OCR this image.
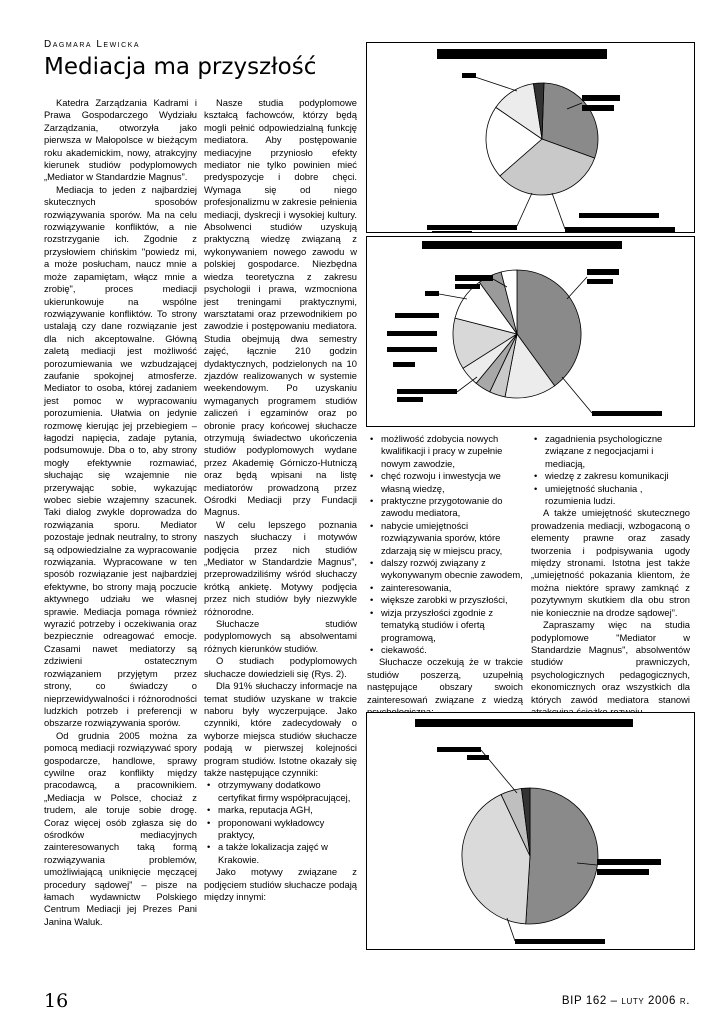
Dagmara Lewicka
Mediacja ma przyszłość

Katedra Zarządzania Kadrami i Prawa Gospodarczego Wydziału Zarządzania, otworzyła jako pierwsza w Małopolsce w bieżącym roku akademickim, nowy, atrakcyjny kierunek studiów podyplomowych „Mediator w Standardzie Magnus”.

Mediacja to jeden z najbardziej skutecznych sposobów rozwiązywania sporów. Ma na celu rozwiązywanie konfliktów, a nie rozstrzyganie ich. Zgodnie z przysłowiem chińskim "powiedz mi, a może posłucham, naucz mnie a może zapamiętam, włącz mnie a zrobię", proces mediacji ukierunkowuje na wspólne rozwiązywanie konfliktów. To strony ustalają czy dane rozwiązanie jest dla nich akceptowalne. Główną zaletą mediacji jest możliwość porozumiewania we wzbudzającej zaufanie spokojnej atmosferze. Mediator to osoba, której zadaniem jest pomoc w wypracowaniu porozumienia. Ułatwia on jedynie rozmowę kierując jej przebiegiem – łagodzi napięcia, zadaje pytania, podsumowuje. Dba o to, aby strony mogły efektywnie rozmawiać, słuchając się wzajemnie nie przerywając sobie, wykazując wobec siebie wzajemny szacunek. Taki dialog zwykle doprowadza do rozwiązania sporu. Mediator pozostaje jednak neutralny, to strony są odpowiedzialne za wypracowanie rozwiązania. Wypracowane w ten sposób rozwiązanie jest najbardziej efektywne, bo strony mają poczucie aktywnego udziału we własnej sprawie. Mediacja pomaga również wyrazić potrzeby i oczekiwania oraz bezpiecznie odreagować emocje. Czasami nawet mediatorzy są zdziwieni ostatecznym rozwiązaniem przyjętym przez strony, co świadczy o nieprzewidywalności i różnorodności ludzkich potrzeb i preferencji w obszarze rozwiązywania sporów.

Od grudnia 2005 można za pomocą mediacji rozwiązywać spory gospodarcze, handlowe, sprawy cywilne oraz konflikty między pracodawcą, a pracownikiem. „Mediacja w Polsce, chociaż z trudem, ale toruje sobie drogę. Coraz więcej osób zgłasza się do ośrodków mediacyjnych zainteresowanych taką formą rozwiązywania problemów, umożliwiającą uniknięcie męczącej procedury sądowej” – pisze na łamach wydawnictw Polskiego Centrum Mediacji jej Prezes Pani Janina Waluk.

Nasze studia podyplomowe kształcą fachowców, którzy będą mogli pełnić odpowiedzialną funkcję mediatora. Aby postępowanie mediacyjne przyniosło efekty mediator nie tylko powinien mieć predyspozycje i dobre chęci. Wymaga się od niego profesjonalizmu w zakresie pełnienia mediacji, dyskrecji i wysokiej kultury. Absolwenci studiów uzyskują praktyczną wiedzę związaną z wykonywaniem nowego zawodu w polskiej gospodarce. Niezbędna wiedza teoretyczna z zakresu psychologii i prawa, wzmocniona jest treningami praktycznymi, warsztatami oraz przewodnikiem po zawodzie i postępowaniu mediatora. Studia obejmują dwa semestry zajęć, łącznie 210 godzin dydaktycznych, podzielonych na 10 zjazdów realizowanych w systemie weekendowym. Po uzyskaniu wymaganych programem studiów zaliczeń i egzaminów oraz po obronie pracy końcowej słuchacze otrzymują świadectwo ukończenia studiów podyplomowych wydane przez Akademię Górniczo-Hutniczą oraz będą wpisani na listę mediatorów prowadzoną przez Ośrodki Mediacji przy Fundacji Magnus.

W celu lepszego poznania naszych słuchaczy i motywów podjęcia przez nich studiów „Mediator w Standardzie Magnus”, przeprowadziliśmy wśród słuchaczy krótką ankietę. Motywy podjęcia przez nich studiów były niezwykle różnorodne.

Słuchacze studiów podyplomowych są absolwentami różnych kierunków studiów.

O studiach podyplomowych słuchacze dowiedzieli się (Rys. 2).

Dla 91% słuchaczy informacje na temat studiów uzyskane w trakcie naboru były wyczerpujące. Jako czynniki, które zadecydowały o wyborze miejsca studiów słuchacze podają w pierwszej kolejności program studiów. Istotne okazały się także następujące czynniki:

• otrzymywany dodatkowo certyfikat firmy współpracującej,
• marka, reputacja AGH,
• proponowani wykładowcy praktycy,
• a także lokalizacja zajęć w Krakowie.

Jako motywy związane z podjęciem studiów słuchacze podają między innymi:

• możliwość zdobycia nowych kwalifikacji i pracy w zupełnie nowym zawodzie,
• chęć rozwoju i inwestycja we własną wiedzę,
• praktyczne przygotowanie do zawodu mediatora,
• nabycie umiejętności rozwiązywania sporów, które zdarzają się w miejscu pracy,
• dalszy rozwój związany z wykonywanym obecnie zawodem,
• zainteresowania,
• większe zarobki w przyszłości,
• wizja przyszłości zgodnie z tematyką studiów i ofertą programową,
• ciekawość.

Słuchacze oczekują że w trakcie studiów poszerzą, uzupełnią następujące obszary swoich zainteresowań związane z wiedzą

•
• zagadnienia psychologiczne związane z negocjacjami i mediacją,
• wiedzę z zakresu komunikacji
• umiejętność słuchania , rozumienia ludzi.

A także umiejętność skutecznego prowadzenia mediacji, wzbogaconą o elementy prawne oraz zasady tworzenia i podpisywania ugody między stronami. Istotna jest także „umiejętność pokazania klientom, że można niektóre sprawy zamknąć z pozytywnym skutkiem dla obu stron nie koniecznie na drodze sądowej”.

Zapraszamy więc na studia podyplomowe "Mediator w Standardzie Magnus", absolwentów studiów prawniczych, psychologicznych pedagogicznych, ekonomicznych oraz wszystkich dla których zawód mediatora stanowi

16	BIP 162 – luty 2006 r.
